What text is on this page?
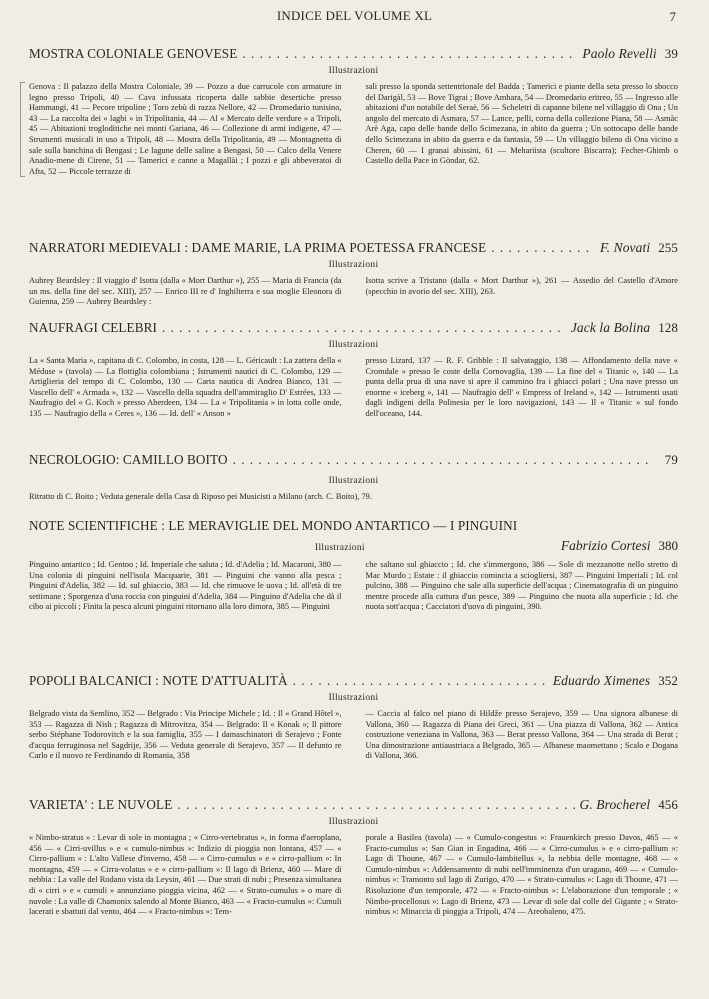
INDICE DEL VOLUME XL	7
MOSTRA COLONIALE GENOVESE . . .	Paolo Revelli 39
Illustrazioni
Genova : Il palazzo della Mostra Coloniale, 39 — Pozzo a due carrucole con armature in legno presso Tripoli, 40 — Cava infossata ricoperta dalle sabbie desertiche presso Hammangi, 41 — Pecore tripoline ; Toro zebù di razza Nellore, 42 — Dromedario tunisino, 43 — La raccolta dei « lagbi » in Tripolitania, 44 — Al « Mercato delle verdure » a Tripoli, 45 — Abitazioni trogloditiche nei monti Gariana, 46 — Collezione di armi indigene, 47 — Strumenti musicali in uso a Tripoli, 48 — Mostra della Tripolitania, 49 — Montagnetta di sale sulla banchina di Bengasi ; Le lagune delle saline a Bengasi, 50 — Calco della Venere Anadio-mene di Cirene, 51 — Tamerici e canne a Magallài ; I pozzi e gli abbeveratoi di Afta, 52 — Piccole terrazze di
sali presso la sponda settentrionale del Badda ; Tamerici e piante della seta presso lo sbocco del Darigàl, 53 — Bove Tigrai ; Bove Amhara, 54 — Dromedario eritreo, 55 — Ingresso alle abitazioni d'un notabile del Seraè, 56 — Scheletri di capanne bilene nel villaggio di Ona ; Un angolo del mercato di Asmara, 57 — Lance, pelli, corna della collezione Piana, 58 — Asmàc Arè Aga, capo delle bande dello Scimezana, in abito da guerra ; Un sottocapo delle bande dello Scimezana in abito da guerra e da fantasia, 59 — Un villaggio bileno di Ona vicino a Cheren, 60 — I granai abissini, 61 — Mehariista (scultore Biscarra); Fecher-Ghimb o Castello della Pace in Gòndar, 62.
NARRATORI MEDIEVALI : DAME MARIE, LA PRIMA POETESSA FRANCESE . . .	F. Novati 255
Illustrazioni
Aubrey Beardsley : Il viaggio d' Isotta (dalla « Mort Darthur »), 255 — Maria di Francia (da un ms. della fine del sec. XIII), 257 — Enrico III re d' Inghilterra e sua moglie Eleonora di Guienna, 259 — Aubrey Beardsley :
Isotta scrive a Tristano (dalla « Mort Darthur »), 261 — Assedio del Castello d'Amore (specchio in avorio del sec. XIII), 263.
NAUFRAGI CELEBRI . . .	Jack la Bolina 128
Illustrazioni
La « Santa Maria », capitana di C. Colombo, in costa, 128 — L. Géricault : La zattera della « Méduse » (tavola) — La flottiglia colombiana ; Istrumenti nautici di C. Colombo, 129 — Artiglieria del tempo di C. Colombo, 130 — Carta nautica di Andrea Bianco, 131 — Vascello dell' « Armada », 132 — Vascello della squadra dell'ammiraglio D' Estrées, 133 — Naufragio del « G. Koch » presso Aberdeen, 134 — La « Tripolitania » in lotta colle onde, 135 — Naufragio della « Ceres », 136 — Id. dell' « Anson »
presso Lizard, 137 — R. F. Gribble : Il salvataggio, 138 — Affondamento della nave « Cromdale » presso le coste della Cornovaglia, 139 — La fine del « Titanic », 140 — La punta della prua di una nave si apre il cammino fra i ghiacci polari ; Una nave presso un enorme « iceberg », 141 — Naufragio dell' « Empress of Ireland », 142 — Istrumenti usati dagli indigeni della Polinesia per le loro navigazioni, 143 — Il « Titanic » sul fondo dell'oceano, 144.
NECROLOGIO: CAMILLO BOITO . . .	79
Illustrazioni
Ritratto di C. Boito ; Veduta generale della Casa di Riposo pei Musicisti a Milano (arch. C. Boito), 79.
NOTE SCIENTIFICHE : LE MERAVIGLIE DEL MONDO ANTARTICO — I PINGUINI
Illustrazioni	Fabrizio Cortesi 380
Pinguino antartico ; Id. Gentoo ; Id. Imperiale che saluta ; Id. d'Adelia ; Id. Macaroni, 380 — Una colonia di pinguini nell'isola Macquarie, 381 — Pinguini che vanno alla pesca ; Pinguini d'Adelia, 382 — Id. sul ghiaccio, 383 — Id. che rimuove le uova ; Id. all'età di tre settimane ; Sporgenza d'una roccia con pinguini d'Adelia, 384 — Pinguino d'Adelia che dà il cibo ai piccoli ; Finita la pesca alcuni pinguini ritornano alla loro dimora, 385 — Pinguini
che saltano sul ghiaccio ; Id. che s'immergono, 386 — Sole di mezzanotte nello stretto di Mac Murdo ; Estate : il ghiaccio comincia a sciogliersi, 387 — Pinguini Imperiali ; Id. col pulcino, 388 — Pinguino che sale alla superficie dell'acqua ; Cinematografia di un pinguino mentre procede alla cattura d'un pesce, 389 — Pinguino che nuota alla superficie ; Id. che nuota sott'acqua ; Cacciatori d'uova di pinguini, 390.
POPOLI BALCANICI : NOTE D'ATTUALITÀ . . .	Eduardo Ximenes 352
Illustrazioni
Belgrado vista da Semlino, 352 — Belgrado : Via Principe Michele ; Id. : Il « Grand Hôtel », 353 — Ragazza di Nish ; Ragazza di Mitrovitza, 354 — Belgrado: Il « Konak »; Il pittore serbo Stéphane Todorovitch e la sua famiglia, 355 — I damaschinatori di Serajevo ; Fonte d'acqua ferruginosa nel Sagdrije, 356 — Veduta generale di Serajevo, 357 — Il defunto re Carlo e il nuovo re Ferdinando di Romania, 358
— Caccia al falco nel piano di Hildže presso Serajevo, 359 — Una signora albanese di Vallona, 360 — Ragazza di Piana dei Greci, 361 — Una piazza di Vallona, 362 — Antica costruzione veneziana in Vallona, 363 — Berat presso Vallona, 364 — Una strada di Berat ; Una dimostrazione antiaustriaca a Belgrado, 365 — Albanese maomettano ; Scalo e Dogana di Vallona, 366.
VARIETA' : LE NUVOLE . . .	G. Brocherel 456
Illustrazioni
« Nimbo-stratus » : Levar di sole in montagna ; « Cirro-vertebratus », in forma d'aeroplano, 456 — « Cirri-uvillus » e « cumulo-nimbus »: Indizio di pioggia non lontana, 457 — « Cirro-pallium » : L'alto Vallese d'inverno, 458 — « Cirro-cumulus » e « cirro-pallium »: In montagna, 459 — « Cirra-volatus » e « cirro-pallium »: Il lago di Brienz, 460 — Mare di nebbia : La valle del Rodano vista da Leysin, 461 — Due strati di nubi ; Presenza simultanea di « cirri » e « cumuli » annunziano pioggia vicina, 462 — « Strato-cumulus » o mare di nuvole : La valle di Chamonix salendo al Monte Bianco, 463 — « Fracto-cumulus »: Cumuli lacerati e sbattuti dal vento, 464 — « Fracto-nimbus »: Tem-
porale a Basilea (tavola) — « Cumulo-congestus »: Frauenkirch presso Davos, 465 — « Fracto-cumulus »: San Gian in Engadina, 466 — « Cirro-cumulus » e « cirro-pallium »: Lago di Thoune, 467 — « Cumulo-lambitellus », la nebbia delle montagne, 468 — « Cumulo-nimbus »: Addensamento di nubi nell'imminenza d'un uragano, 469 — « Cumulo-nimbus »: Tramonto sul lago di Zurigo, 470 — « Strato-cumulus »: Lago di Thoune, 471 — Risoluzione d'un temporale, 472 — « Fracto-nimbus »: L'elaborazione d'un temporale ; « Nimbo-procellosus »: Lago di Brienz, 473 — Levar di sole dal colle del Gigante ; « Strato-nimbus »: Minaccia di pioggia a Tripoli, 474 — Areobaleno, 475.
